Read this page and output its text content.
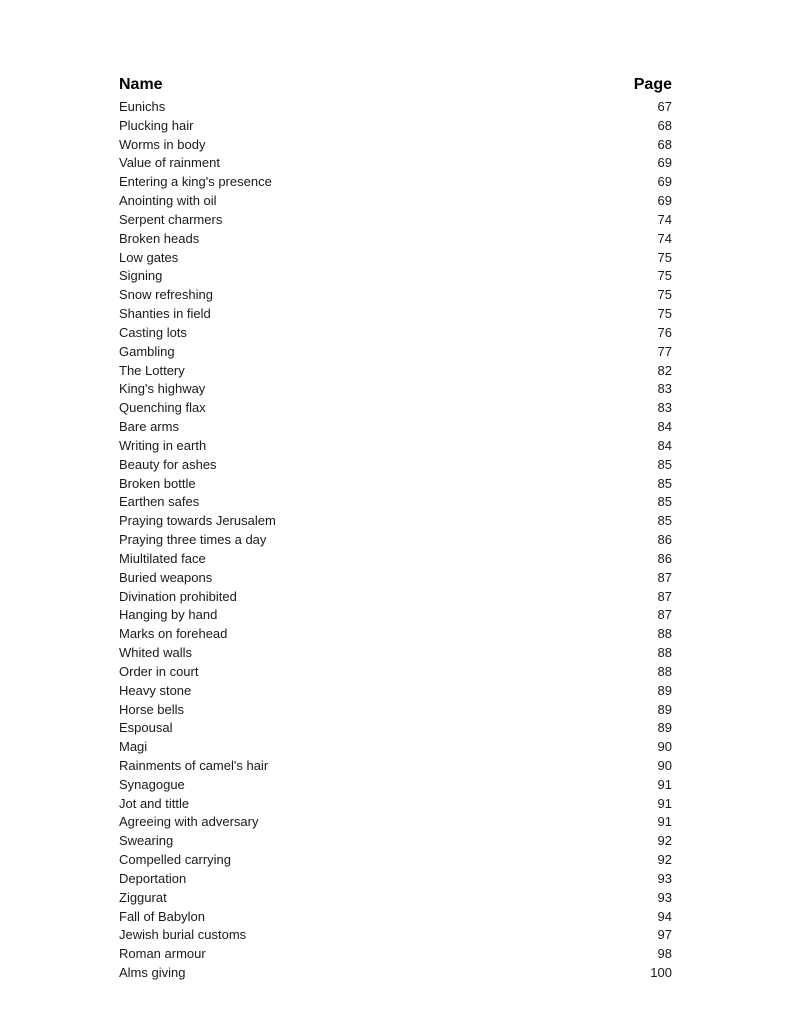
Name	Page
Eunichs	67
Plucking hair	68
Worms in body	68
Value of rainment	69
Entering a king's presence	69
Anointing with oil	69
Serpent charmers	74
Broken heads	74
Low gates	75
Signing	75
Snow refreshing	75
Shanties in field	75
Casting lots	76
Gambling	77
The Lottery	82
King's highway	83
Quenching flax	83
Bare arms	84
Writing in earth	84
Beauty for ashes	85
Broken bottle	85
Earthen safes	85
Praying towards Jerusalem	85
Praying three times a day	86
Miultilated face	86
Buried weapons	87
Divination prohibited	87
Hanging by hand	87
Marks on forehead	88
Whited walls	88
Order in court	88
Heavy stone	89
Horse bells	89
Espousal	89
Magi	90
Rainments of camel's hair	90
Synagogue	91
Jot and tittle	91
Agreeing with adversary	91
Swearing	92
Compelled carrying	92
Deportation	93
Ziggurat	93
Fall of Babylon	94
Jewish burial customs	97
Roman armour	98
Alms giving	100
